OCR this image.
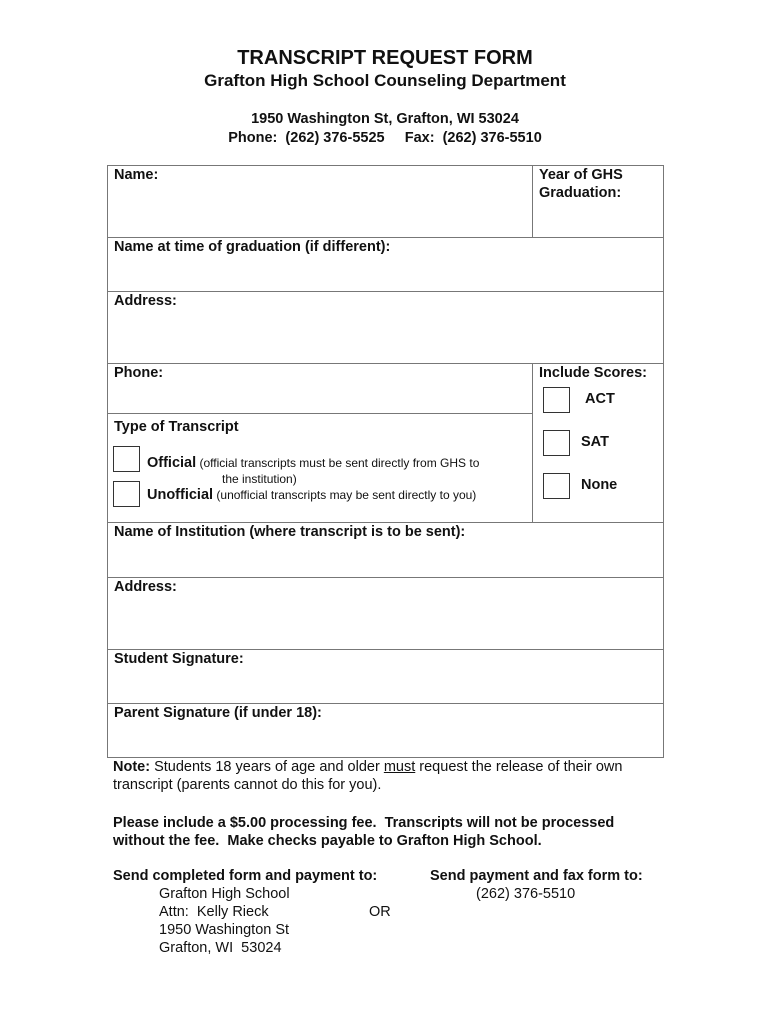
TRANSCRIPT REQUEST FORM
Grafton High School Counseling Department
1950 Washington St, Grafton, WI 53024
Phone:  (262) 376-5525     Fax:  (262) 376-5510
Name:	Year of GHS
Graduation:
Name at time of graduation (if different):
Address:
Phone:	Include Scores:
Type of Transcript
Official (official transcripts must be sent directly from GHS to
the institution)
Unofficial (unofficial transcripts may be sent directly to you)
ACT
SAT
None
Name of Institution (where transcript is to be sent):
Address:
Student Signature:
Parent Signature (if under 18):
Note: Students 18 years of age and older must request the release of their own
transcript (parents cannot do this for you).
Please include a $5.00 processing fee.  Transcripts will not be processed
without the fee.  Make checks payable to Grafton High School.
Send completed form and payment to:
Grafton High School
Attn:  Kelly Rieck
1950 Washington St
Grafton, WI  53024
OR
Send payment and fax form to:
(262) 376-5510
